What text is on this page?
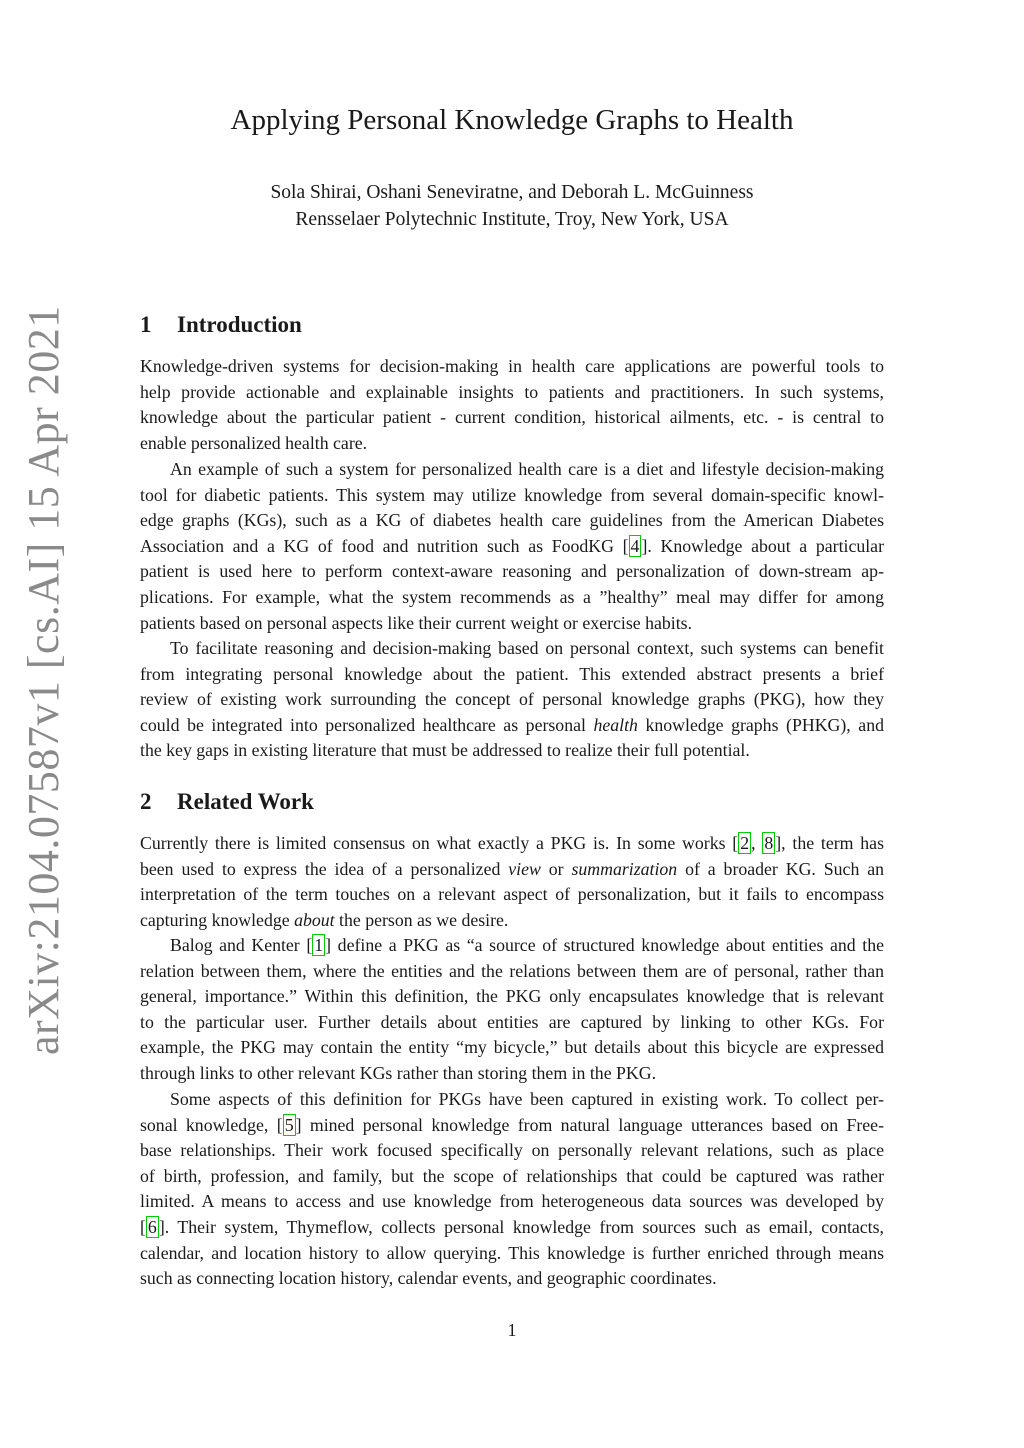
arXiv:2104.07587v1 [cs.AI] 15 Apr 2021
Applying Personal Knowledge Graphs to Health
Sola Shirai, Oshani Seneviratne, and Deborah L. McGuinness
Rensselaer Polytechnic Institute, Troy, New York, USA
1 Introduction
Knowledge-driven systems for decision-making in health care applications are powerful tools to
help provide actionable and explainable insights to patients and practitioners. In such systems,
knowledge about the particular patient - current condition, historical ailments, etc. - is central to
enable personalized health care.
An example of such a system for personalized health care is a diet and lifestyle decision-making
tool for diabetic patients. This system may utilize knowledge from several domain-specific knowl-
edge graphs (KGs), such as a KG of diabetes health care guidelines from the American Diabetes
Association and a KG of food and nutrition such as FoodKG [ 4 ]. Knowledge about a particular
patient is used here to perform context-aware reasoning and personalization of down-stream ap-
plications. For example, what the system recommends as a ”healthy” meal may differ for among
patients based on personal aspects like their current weight or exercise habits.
To facilitate reasoning and decision-making based on personal context, such systems can benefit
from integrating personal knowledge about the patient. This extended abstract presents a brief
review of existing work surrounding the concept of personal knowledge graphs (PKG), how they
could be integrated into personalized healthcare as personal health knowledge graphs (PHKG), and
the key gaps in existing literature that must be addressed to realize their full potential.
2 Related Work
Currently there is limited consensus on what exactly a PKG is. In some works [ 2 , 8 ], the term has
been used to express the idea of a personalized view or summarization of a broader KG. Such an
interpretation of the term touches on a relevant aspect of personalization, but it fails to encompass
capturing knowledge about the person as we desire.
Balog and Kenter [ 1 ] define a PKG as “a source of structured knowledge about entities and the
relation between them, where the entities and the relations between them are of personal, rather than
general, importance.” Within this definition, the PKG only encapsulates knowledge that is relevant
to the particular user. Further details about entities are captured by linking to other KGs. For
example, the PKG may contain the entity “my bicycle,” but details about this bicycle are expressed
through links to other relevant KGs rather than storing them in the PKG.
Some aspects of this definition for PKGs have been captured in existing work. To collect per-
sonal knowledge, [ 5 ] mined personal knowledge from natural language utterances based on Free-
base relationships. Their work focused specifically on personally relevant relations, such as place
of birth, profession, and family, but the scope of relationships that could be captured was rather
limited. A means to access and use knowledge from heterogeneous data sources was developed by
[ 6 ]. Their system, Thymeflow, collects personal knowledge from sources such as email, contacts,
calendar, and location history to allow querying. This knowledge is further enriched through means
such as connecting location history, calendar events, and geographic coordinates.
1
